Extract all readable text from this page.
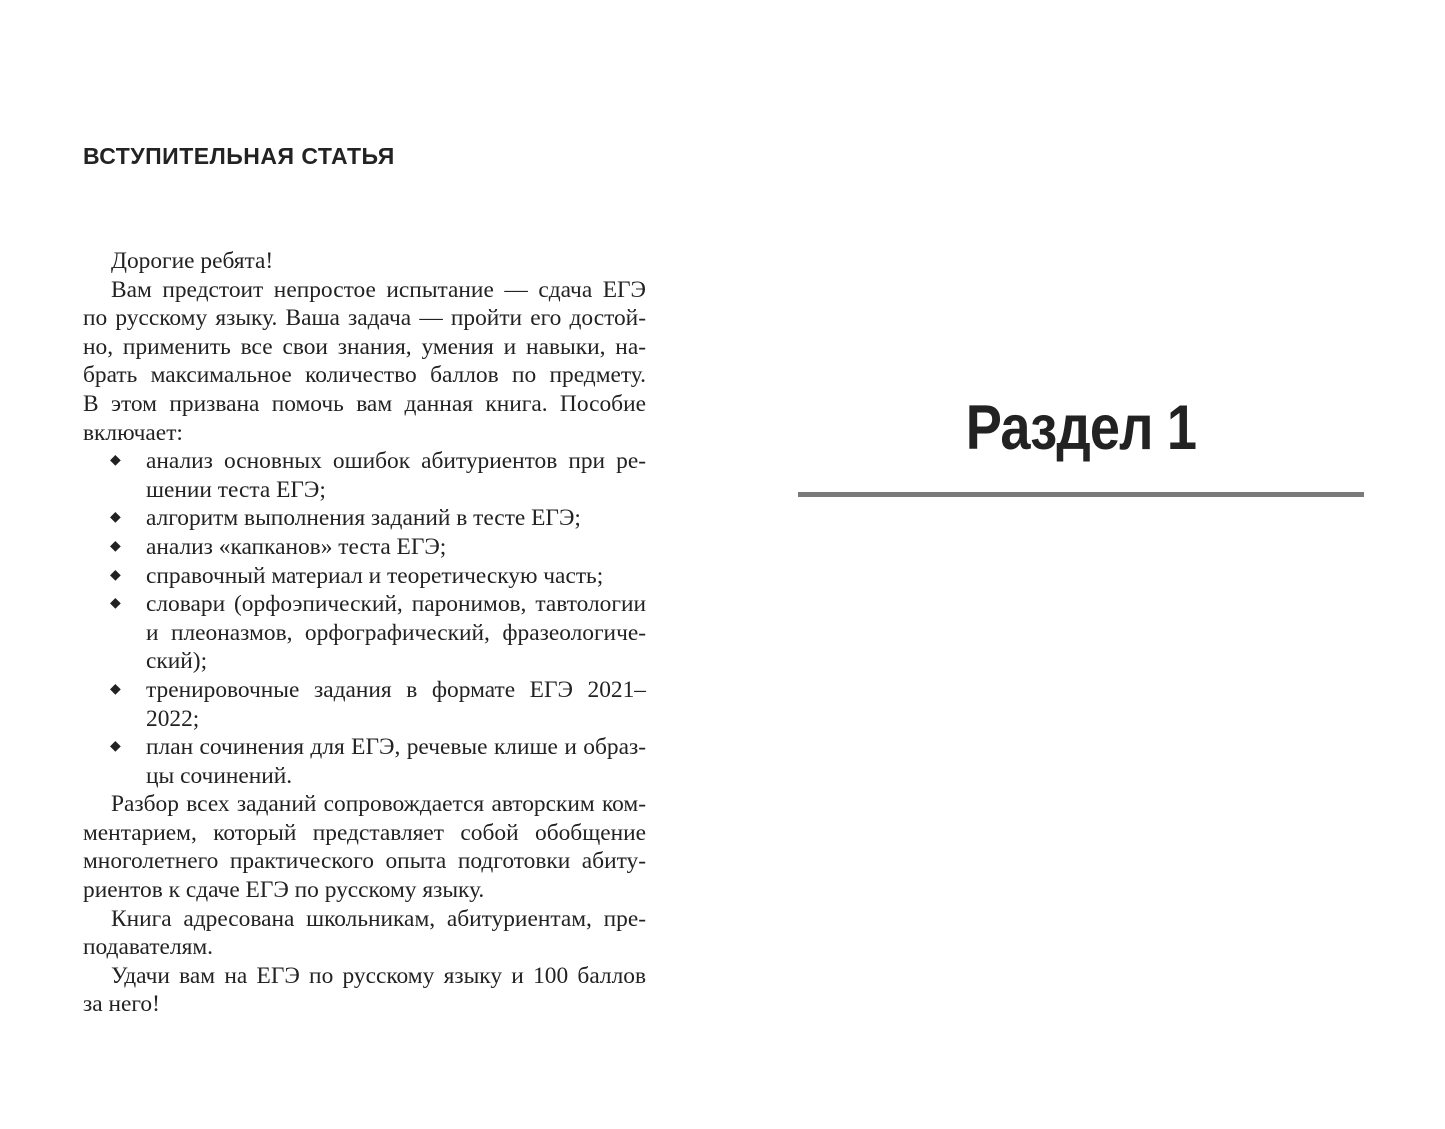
ВСТУПИТЕЛЬНАЯ СТАТЬЯ
Дорогие ребята!
Вам предстоит непростое испытание — сдача ЕГЭ
по русскому языку. Ваша задача — пройти его достой-
но, применить все свои знания, умения и навыки, на-
брать максимальное количество баллов по предмету.
В этом призвана помочь вам данная книга. Пособие
включает:
◆ анализ основных ошибок абитуриентов при ре-
шении теста ЕГЭ;
◆ алгоритм выполнения заданий в тесте ЕГЭ;
◆ анализ «капканов» теста ЕГЭ;
◆ справочный материал и теоретическую часть;
◆ словари (орфоэпический, паронимов, тавтологии
и плеоназмов, орфографический, фразеологиче-
ский);
◆ тренировочные задания в формате ЕГЭ 2021–
2022;
◆ план сочинения для ЕГЭ, речевые клише и образ-
цы сочинений.
Разбор всех заданий сопровождается авторским ком-
ментарием, который представляет собой обобщение
многолетнего практического опыта подготовки абиту-
риентов к сдаче ЕГЭ по русскому языку.
Книга адресована школьникам, абитуриентам, пре-
подавателям.
Удачи вам на ЕГЭ по русскому языку и 100 баллов
за него!
Раздел 1
